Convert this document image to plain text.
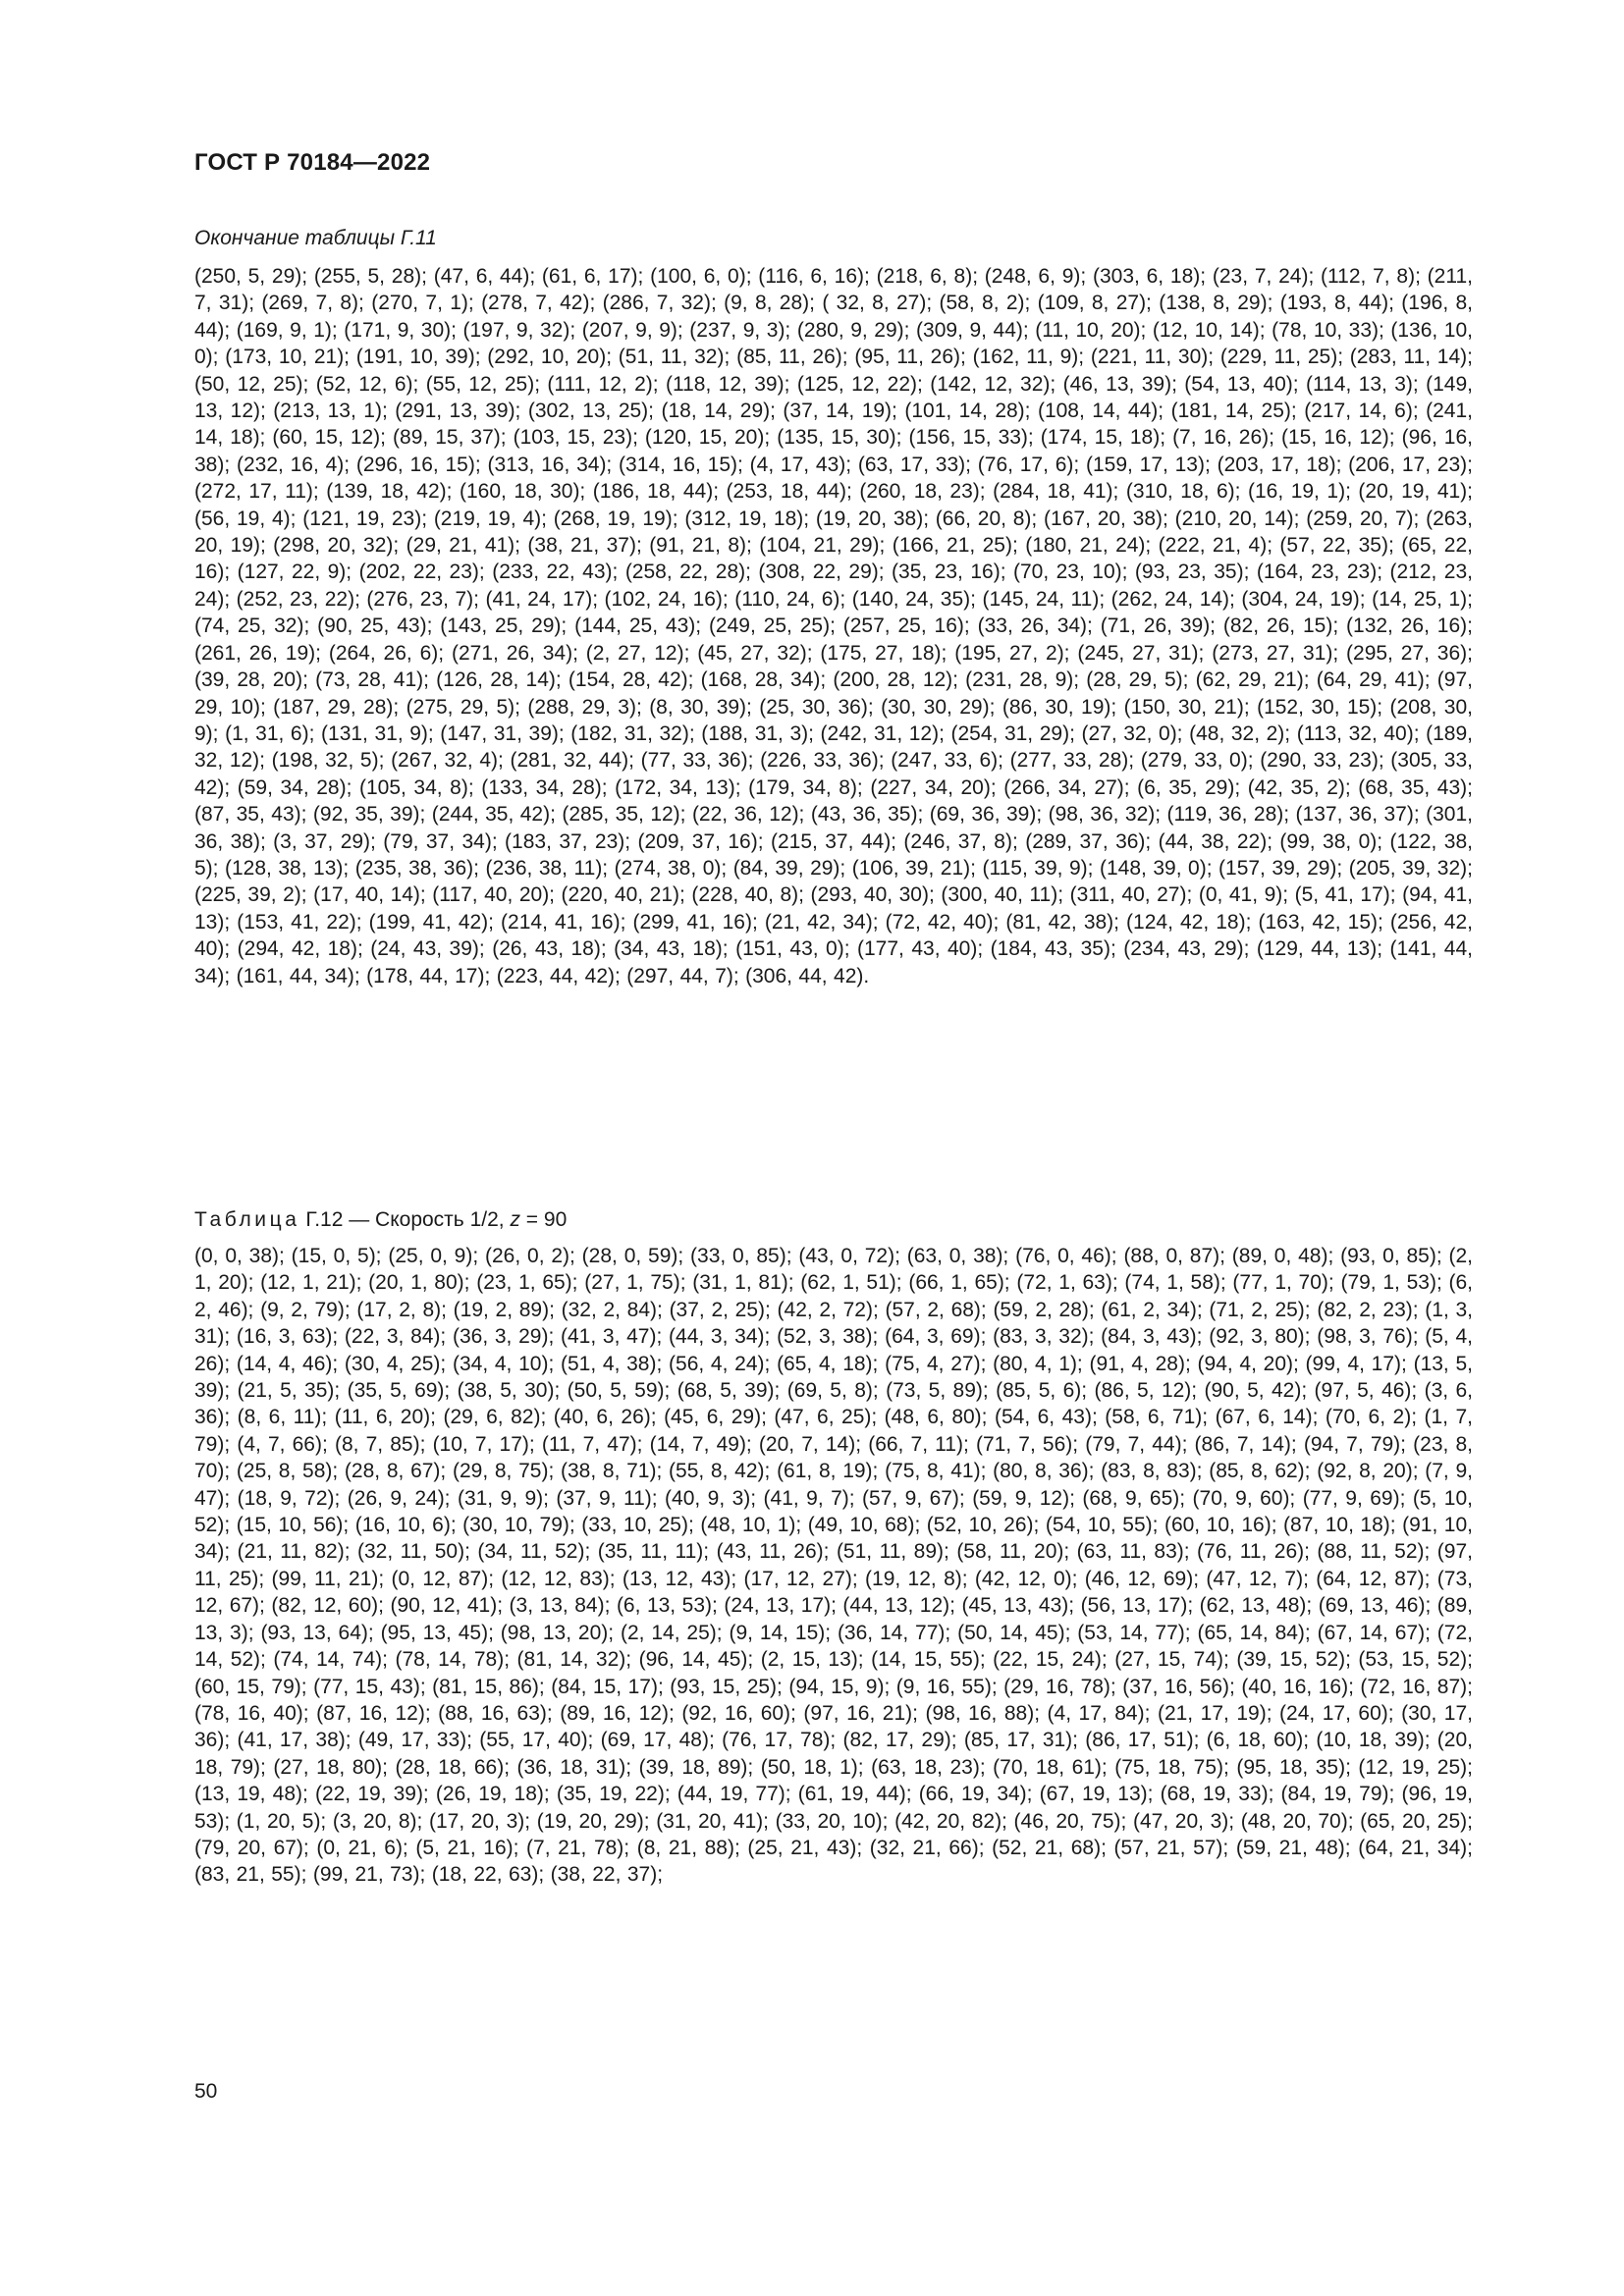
ГОСТ Р 70184—2022
Окончание таблицы Г.11
(250, 5, 29); (255, 5, 28); (47, 6, 44); (61, 6, 17); (100, 6, 0); (116, 6, 16); (218, 6, 8); (248, 6, 9); (303, 6, 18); (23, 7, 24); (112, 7, 8); (211, 7, 31); (269, 7, 8); (270, 7, 1); (278, 7, 42); (286, 7, 32); (9, 8, 28); ( 32, 8, 27); (58, 8, 2); (109, 8, 27); (138, 8, 29); (193, 8, 44); (196, 8, 44); (169, 9, 1); (171, 9, 30); (197, 9, 32); (207, 9, 9); (237, 9, 3); (280, 9, 29); (309, 9, 44); (11, 10, 20); (12, 10, 14); (78, 10, 33); (136, 10, 0); (173, 10, 21); (191, 10, 39); (292, 10, 20); (51, 11, 32); (85, 11, 26); (95, 11, 26); (162, 11, 9); (221, 11, 30); (229, 11, 25); (283, 11, 14); (50, 12, 25); (52, 12, 6); (55, 12, 25); (111, 12, 2); (118, 12, 39); (125, 12, 22); (142, 12, 32); (46, 13, 39); (54, 13, 40); (114, 13, 3); (149, 13, 12); (213, 13, 1); (291, 13, 39); (302, 13, 25); (18, 14, 29); (37, 14, 19); (101, 14, 28); (108, 14, 44); (181, 14, 25); (217, 14, 6); (241, 14, 18); (60, 15, 12); (89, 15, 37); (103, 15, 23); (120, 15, 20); (135, 15, 30); (156, 15, 33); (174, 15, 18); (7, 16, 26); (15, 16, 12); (96, 16, 38); (232, 16, 4); (296, 16, 15); (313, 16, 34); (314, 16, 15); (4, 17, 43); (63, 17, 33); (76, 17, 6); (159, 17, 13); (203, 17, 18); (206, 17, 23); (272, 17, 11); (139, 18, 42); (160, 18, 30); (186, 18, 44); (253, 18, 44); (260, 18, 23); (284, 18, 41); (310, 18, 6); (16, 19, 1); (20, 19, 41); (56, 19, 4); (121, 19, 23); (219, 19, 4); (268, 19, 19); (312, 19, 18); (19, 20, 38); (66, 20, 8); (167, 20, 38); (210, 20, 14); (259, 20, 7); (263, 20, 19); (298, 20, 32); (29, 21, 41); (38, 21, 37); (91, 21, 8); (104, 21, 29); (166, 21, 25); (180, 21, 24); (222, 21, 4); (57, 22, 35); (65, 22, 16); (127, 22, 9); (202, 22, 23); (233, 22, 43); (258, 22, 28); (308, 22, 29); (35, 23, 16); (70, 23, 10); (93, 23, 35); (164, 23, 23); (212, 23, 24); (252, 23, 22); (276, 23, 7); (41, 24, 17); (102, 24, 16); (110, 24, 6); (140, 24, 35); (145, 24, 11); (262, 24, 14); (304, 24, 19); (14, 25, 1); (74, 25, 32); (90, 25, 43); (143, 25, 29); (144, 25, 43); (249, 25, 25); (257, 25, 16); (33, 26, 34); (71, 26, 39); (82, 26, 15); (132, 26, 16); (261, 26, 19); (264, 26, 6); (271, 26, 34); (2, 27, 12); (45, 27, 32); (175, 27, 18); (195, 27, 2); (245, 27, 31); (273, 27, 31); (295, 27, 36); (39, 28, 20); (73, 28, 41); (126, 28, 14); (154, 28, 42); (168, 28, 34); (200, 28, 12); (231, 28, 9); (28, 29, 5); (62, 29, 21); (64, 29, 41); (97, 29, 10); (187, 29, 28); (275, 29, 5); (288, 29, 3); (8, 30, 39); (25, 30, 36); (30, 30, 29); (86, 30, 19); (150, 30, 21); (152, 30, 15); (208, 30, 9); (1, 31, 6); (131, 31, 9); (147, 31, 39); (182, 31, 32); (188, 31, 3); (242, 31, 12); (254, 31, 29); (27, 32, 0); (48, 32, 2); (113, 32, 40); (189, 32, 12); (198, 32, 5); (267, 32, 4); (281, 32, 44); (77, 33, 36); (226, 33, 36); (247, 33, 6); (277, 33, 28); (279, 33, 0); (290, 33, 23); (305, 33, 42); (59, 34, 28); (105, 34, 8); (133, 34, 28); (172, 34, 13); (179, 34, 8); (227, 34, 20); (266, 34, 27); (6, 35, 29); (42, 35, 2); (68, 35, 43); (87, 35, 43); (92, 35, 39); (244, 35, 42); (285, 35, 12); (22, 36, 12); (43, 36, 35); (69, 36, 39); (98, 36, 32); (119, 36, 28); (137, 36, 37); (301, 36, 38); (3, 37, 29); (79, 37, 34); (183, 37, 23); (209, 37, 16); (215, 37, 44); (246, 37, 8); (289, 37, 36); (44, 38, 22); (99, 38, 0); (122, 38, 5); (128, 38, 13); (235, 38, 36); (236, 38, 11); (274, 38, 0); (84, 39, 29); (106, 39, 21); (115, 39, 9); (148, 39, 0); (157, 39, 29); (205, 39, 32); (225, 39, 2); (17, 40, 14); (117, 40, 20); (220, 40, 21); (228, 40, 8); (293, 40, 30); (300, 40, 11); (311, 40, 27); (0, 41, 9); (5, 41, 17); (94, 41, 13); (153, 41, 22); (199, 41, 42); (214, 41, 16); (299, 41, 16); (21, 42, 34); (72, 42, 40); (81, 42, 38); (124, 42, 18); (163, 42, 15); (256, 42, 40); (294, 42, 18); (24, 43, 39); (26, 43, 18); (34, 43, 18); (151, 43, 0); (177, 43, 40); (184, 43, 35); (234, 43, 29); (129, 44, 13); (141, 44, 34); (161, 44, 34); (178, 44, 17); (223, 44, 42); (297, 44, 7); (306, 44, 42).
Таблица Г.12 — Скорость 1/2, z = 90
(0, 0, 38); (15, 0, 5); (25, 0, 9); (26, 0, 2); (28, 0, 59); (33, 0, 85); (43, 0, 72); (63, 0, 38); (76, 0, 46); (88, 0, 87); (89, 0, 48); (93, 0, 85); (2, 1, 20); (12, 1, 21); (20, 1, 80); (23, 1, 65); (27, 1, 75); (31, 1, 81); (62, 1, 51); (66, 1, 65); (72, 1, 63); (74, 1, 58); (77, 1, 70); (79, 1, 53); (6, 2, 46); (9, 2, 79); (17, 2, 8); (19, 2, 89); (32, 2, 84); (37, 2, 25); (42, 2, 72); (57, 2, 68); (59, 2, 28); (61, 2, 34); (71, 2, 25); (82, 2, 23); (1, 3, 31); (16, 3, 63); (22, 3, 84); (36, 3, 29); (41, 3, 47); (44, 3, 34); (52, 3, 38); (64, 3, 69); (83, 3, 32); (84, 3, 43); (92, 3, 80); (98, 3, 76); (5, 4, 26); (14, 4, 46); (30, 4, 25); (34, 4, 10); (51, 4, 38); (56, 4, 24); (65, 4, 18); (75, 4, 27); (80, 4, 1); (91, 4, 28); (94, 4, 20); (99, 4, 17); (13, 5, 39); (21, 5, 35); (35, 5, 69); (38, 5, 30); (50, 5, 59); (68, 5, 39); (69, 5, 8); (73, 5, 89); (85, 5, 6); (86, 5, 12); (90, 5, 42); (97, 5, 46); (3, 6, 36); (8, 6, 11); (11, 6, 20); (29, 6, 82); (40, 6, 26); (45, 6, 29); (47, 6, 25); (48, 6, 80); (54, 6, 43); (58, 6, 71); (67, 6, 14); (70, 6, 2); (1, 7, 79); (4, 7, 66); (8, 7, 85); (10, 7, 17); (11, 7, 47); (14, 7, 49); (20, 7, 14); (66, 7, 11); (71, 7, 56); (79, 7, 44); (86, 7, 14); (94, 7, 79); (23, 8, 70); (25, 8, 58); (28, 8, 67); (29, 8, 75); (38, 8, 71); (55, 8, 42); (61, 8, 19); (75, 8, 41); (80, 8, 36); (83, 8, 83); (85, 8, 62); (92, 8, 20); (7, 9, 47); (18, 9, 72); (26, 9, 24); (31, 9, 9); (37, 9, 11); (40, 9, 3); (41, 9, 7); (57, 9, 67); (59, 9, 12); (68, 9, 65); (70, 9, 60); (77, 9, 69); (5, 10, 52); (15, 10, 56); (16, 10, 6); (30, 10, 79); (33, 10, 25); (48, 10, 1); (49, 10, 68); (52, 10, 26); (54, 10, 55); (60, 10, 16); (87, 10, 18); (91, 10, 34); (21, 11, 82); (32, 11, 50); (34, 11, 52); (35, 11, 11); (43, 11, 26); (51, 11, 89); (58, 11, 20); (63, 11, 83); (76, 11, 26); (88, 11, 52); (97, 11, 25); (99, 11, 21); (0, 12, 87); (12, 12, 83); (13, 12, 43); (17, 12, 27); (19, 12, 8); (42, 12, 0); (46, 12, 69); (47, 12, 7); (64, 12, 87); (73, 12, 67); (82, 12, 60); (90, 12, 41); (3, 13, 84); (6, 13, 53); (24, 13, 17); (44, 13, 12); (45, 13, 43); (56, 13, 17); (62, 13, 48); (69, 13, 46); (89, 13, 3); (93, 13, 64); (95, 13, 45); (98, 13, 20); (2, 14, 25); (9, 14, 15); (36, 14, 77); (50, 14, 45); (53, 14, 77); (65, 14, 84); (67, 14, 67); (72, 14, 52); (74, 14, 74); (78, 14, 78); (81, 14, 32); (96, 14, 45); (2, 15, 13); (14, 15, 55); (22, 15, 24); (27, 15, 74); (39, 15, 52); (53, 15, 52); (60, 15, 79); (77, 15, 43); (81, 15, 86); (84, 15, 17); (93, 15, 25); (94, 15, 9); (9, 16, 55); (29, 16, 78); (37, 16, 56); (40, 16, 16); (72, 16, 87); (78, 16, 40); (87, 16, 12); (88, 16, 63); (89, 16, 12); (92, 16, 60); (97, 16, 21); (98, 16, 88); (4, 17, 84); (21, 17, 19); (24, 17, 60); (30, 17, 36); (41, 17, 38); (49, 17, 33); (55, 17, 40); (69, 17, 48); (76, 17, 78); (82, 17, 29); (85, 17, 31); (86, 17, 51); (6, 18, 60); (10, 18, 39); (20, 18, 79); (27, 18, 80); (28, 18, 66); (36, 18, 31); (39, 18, 89); (50, 18, 1); (63, 18, 23); (70, 18, 61); (75, 18, 75); (95, 18, 35); (12, 19, 25); (13, 19, 48); (22, 19, 39); (26, 19, 18); (35, 19, 22); (44, 19, 77); (61, 19, 44); (66, 19, 34); (67, 19, 13); (68, 19, 33); (84, 19, 79); (96, 19, 53); (1, 20, 5); (3, 20, 8); (17, 20, 3); (19, 20, 29); (31, 20, 41); (33, 20, 10); (42, 20, 82); (46, 20, 75); (47, 20, 3); (48, 20, 70); (65, 20, 25); (79, 20, 67); (0, 21, 6); (5, 21, 16); (7, 21, 78); (8, 21, 88); (25, 21, 43); (32, 21, 66); (52, 21, 68); (57, 21, 57); (59, 21, 48); (64, 21, 34); (83, 21, 55); (99, 21, 73); (18, 22, 63); (38, 22, 37);
50
